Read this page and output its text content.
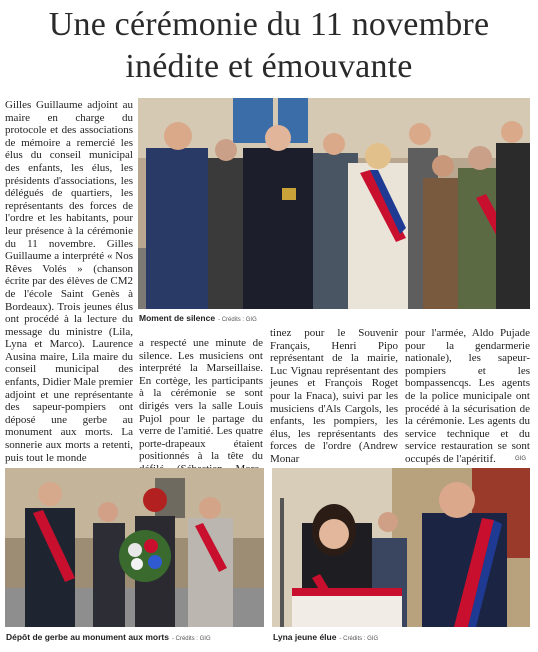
Une cérémonie du 11 novembre
inédite et émouvante
Moment de silence - Crédits : GIG

Gilles Guillaume adjoint au maire en charge du protocole et des associations de mémoire a remercié les élus du conseil municipal des enfants, les élus, les présidents d'associations, les délégués de quartiers, les représentants des forces de l'ordre et les habitants, pour leur présence à la cérémonie du 11 novembre. Gilles Guillaume a interprété « Nos Rêves Volés » (chanson écrite par des élèves de CM2 de l'école Saint Genès à Bordeaux). Trois jeunes élus ont procédé à la lecture du message du ministre (Lila, Lyna et Marco). Laurence Ausina maire, Lila maire du conseil municipal des enfants, Didier Male premier adjoint et une représentante des sapeur-pompiers ont déposé une gerbe au monument aux morts. La sonnerie aux morts a retenti, puis tout le monde

a respecté une minute de silence. Les musiciens ont interprété la Marseillaise. En cortège, les participants à la cérémonie se sont dirigés vers la salle Louis Pujol pour le partage du verre de l'amitié. Les quatre porte-drapeaux étaient positionnés à la tête du

tinez pour le Souvenir Français, Henri Pipo représentant de la mairie, Luc Vignau représentant des jeunes et François Roget pour la Fnaca), suivi par les musiciens d'Als Cargols, les enfants, les pompiers, les élus, les représentants des forces de l'ordre (Andrew Monar

pour l'armée, Aldo Pujade pour la gendarmerie nationale), les sapeur-pompiers et les bompassencqs. Les agents de la police municipale ont procédé à la sécurisation de la cérémonie. Les agents du service technique et du service restauration se sont occupés de l'apéritif.	GIG
Dépôt de gerbe au monument aux morts - Crédits : GIG	Lyna jeune élue - Crédits : GIG
